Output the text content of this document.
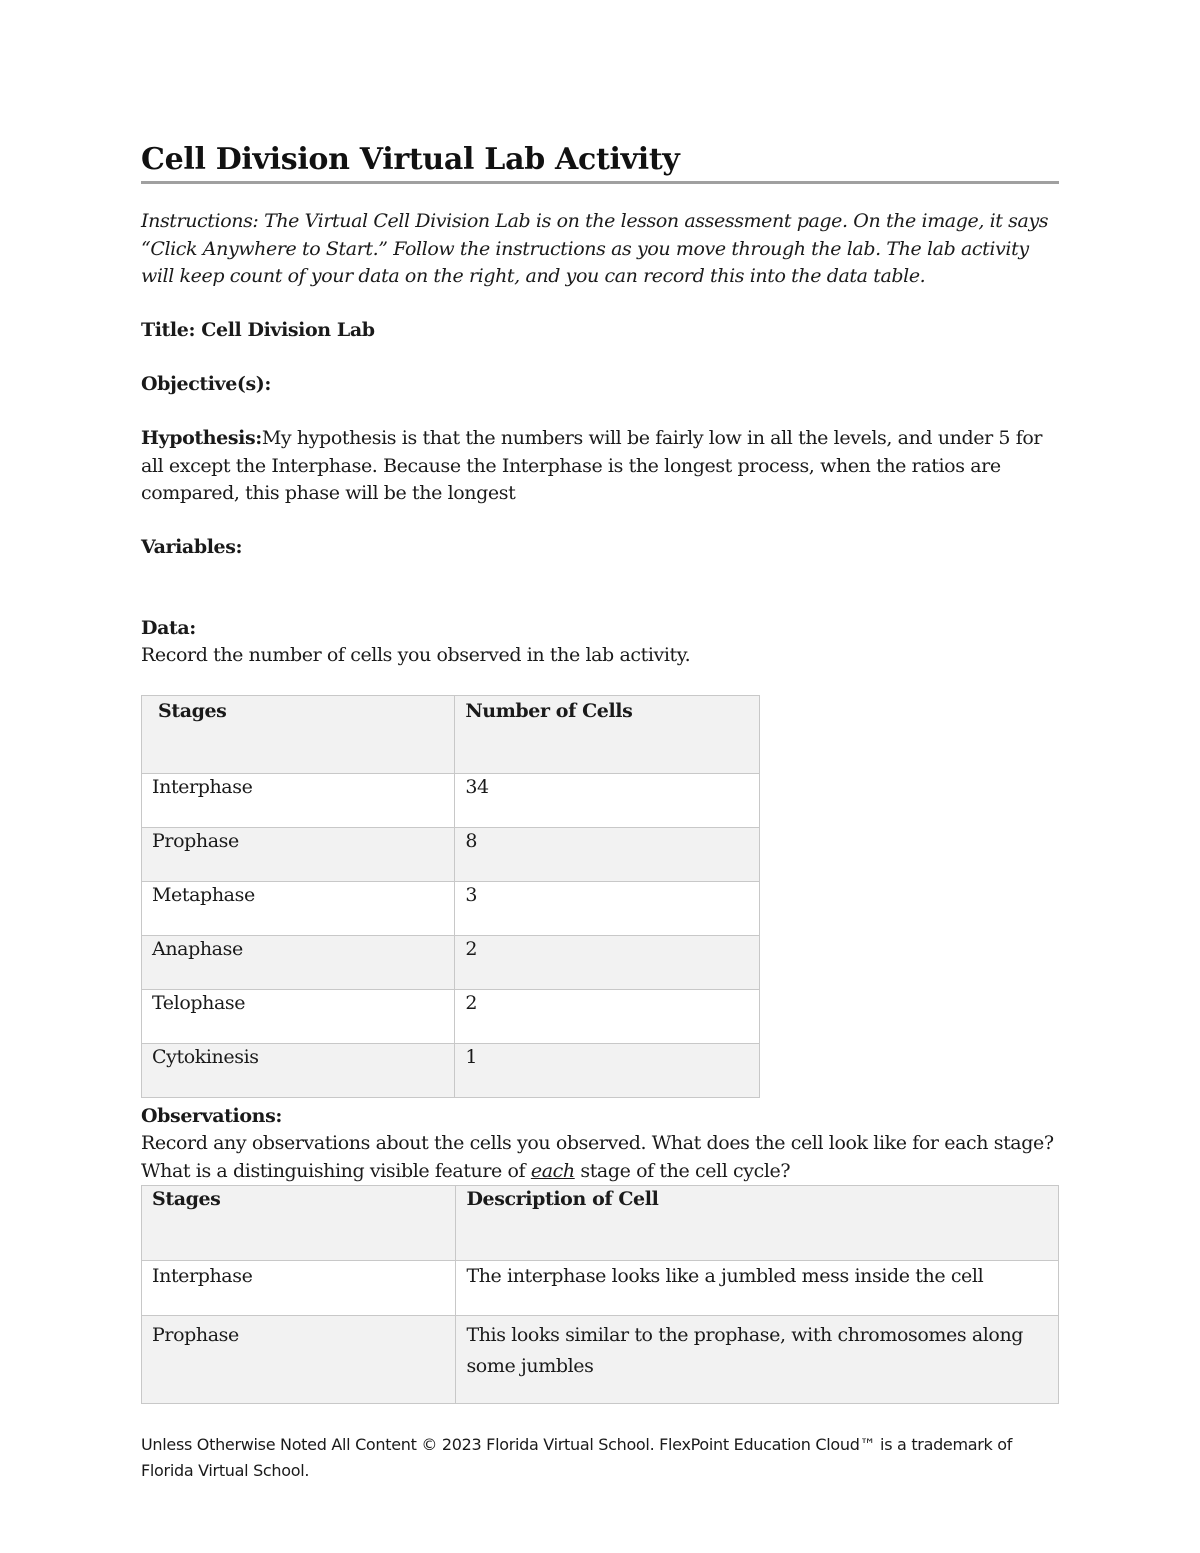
Cell Division Virtual Lab Activity

Instructions: The Virtual Cell Division Lab is on the lesson assessment page. On the image, it says “Click Anywhere to Start.” Follow the instructions as you move through the lab. The lab activity will keep count of your data on the right, and you can record this into the data table.

Title: Cell Division Lab

Objective(s):

Hypothesis:My hypothesis is that the numbers will be fairly low in all the levels, and under 5 for all except the Interphase. Because the Interphase is the longest process, when the ratios are compared, this phase will be the longest

Variables:

Data:

Record the number of cells you observed in the lab activity.

Stages	Number of Cells
Interphase	34
Prophase	8
Metaphase	3
Anaphase	2
Telophase	2
Cytokinesis	1

Observations:

Record any observations about the cells you observed. What does the cell look like for each stage? What is a distinguishing visible feature of each stage of the cell cycle?

Stages	Description of Cell
Interphase	The interphase looks like a jumbled mess inside the cell
Prophase	This looks similar to the prophase, with chromosomes along some jumbles

Unless Otherwise Noted All Content © 2023 Florida Virtual School. FlexPoint Education Cloud™ is a trademark of Florida Virtual School.
